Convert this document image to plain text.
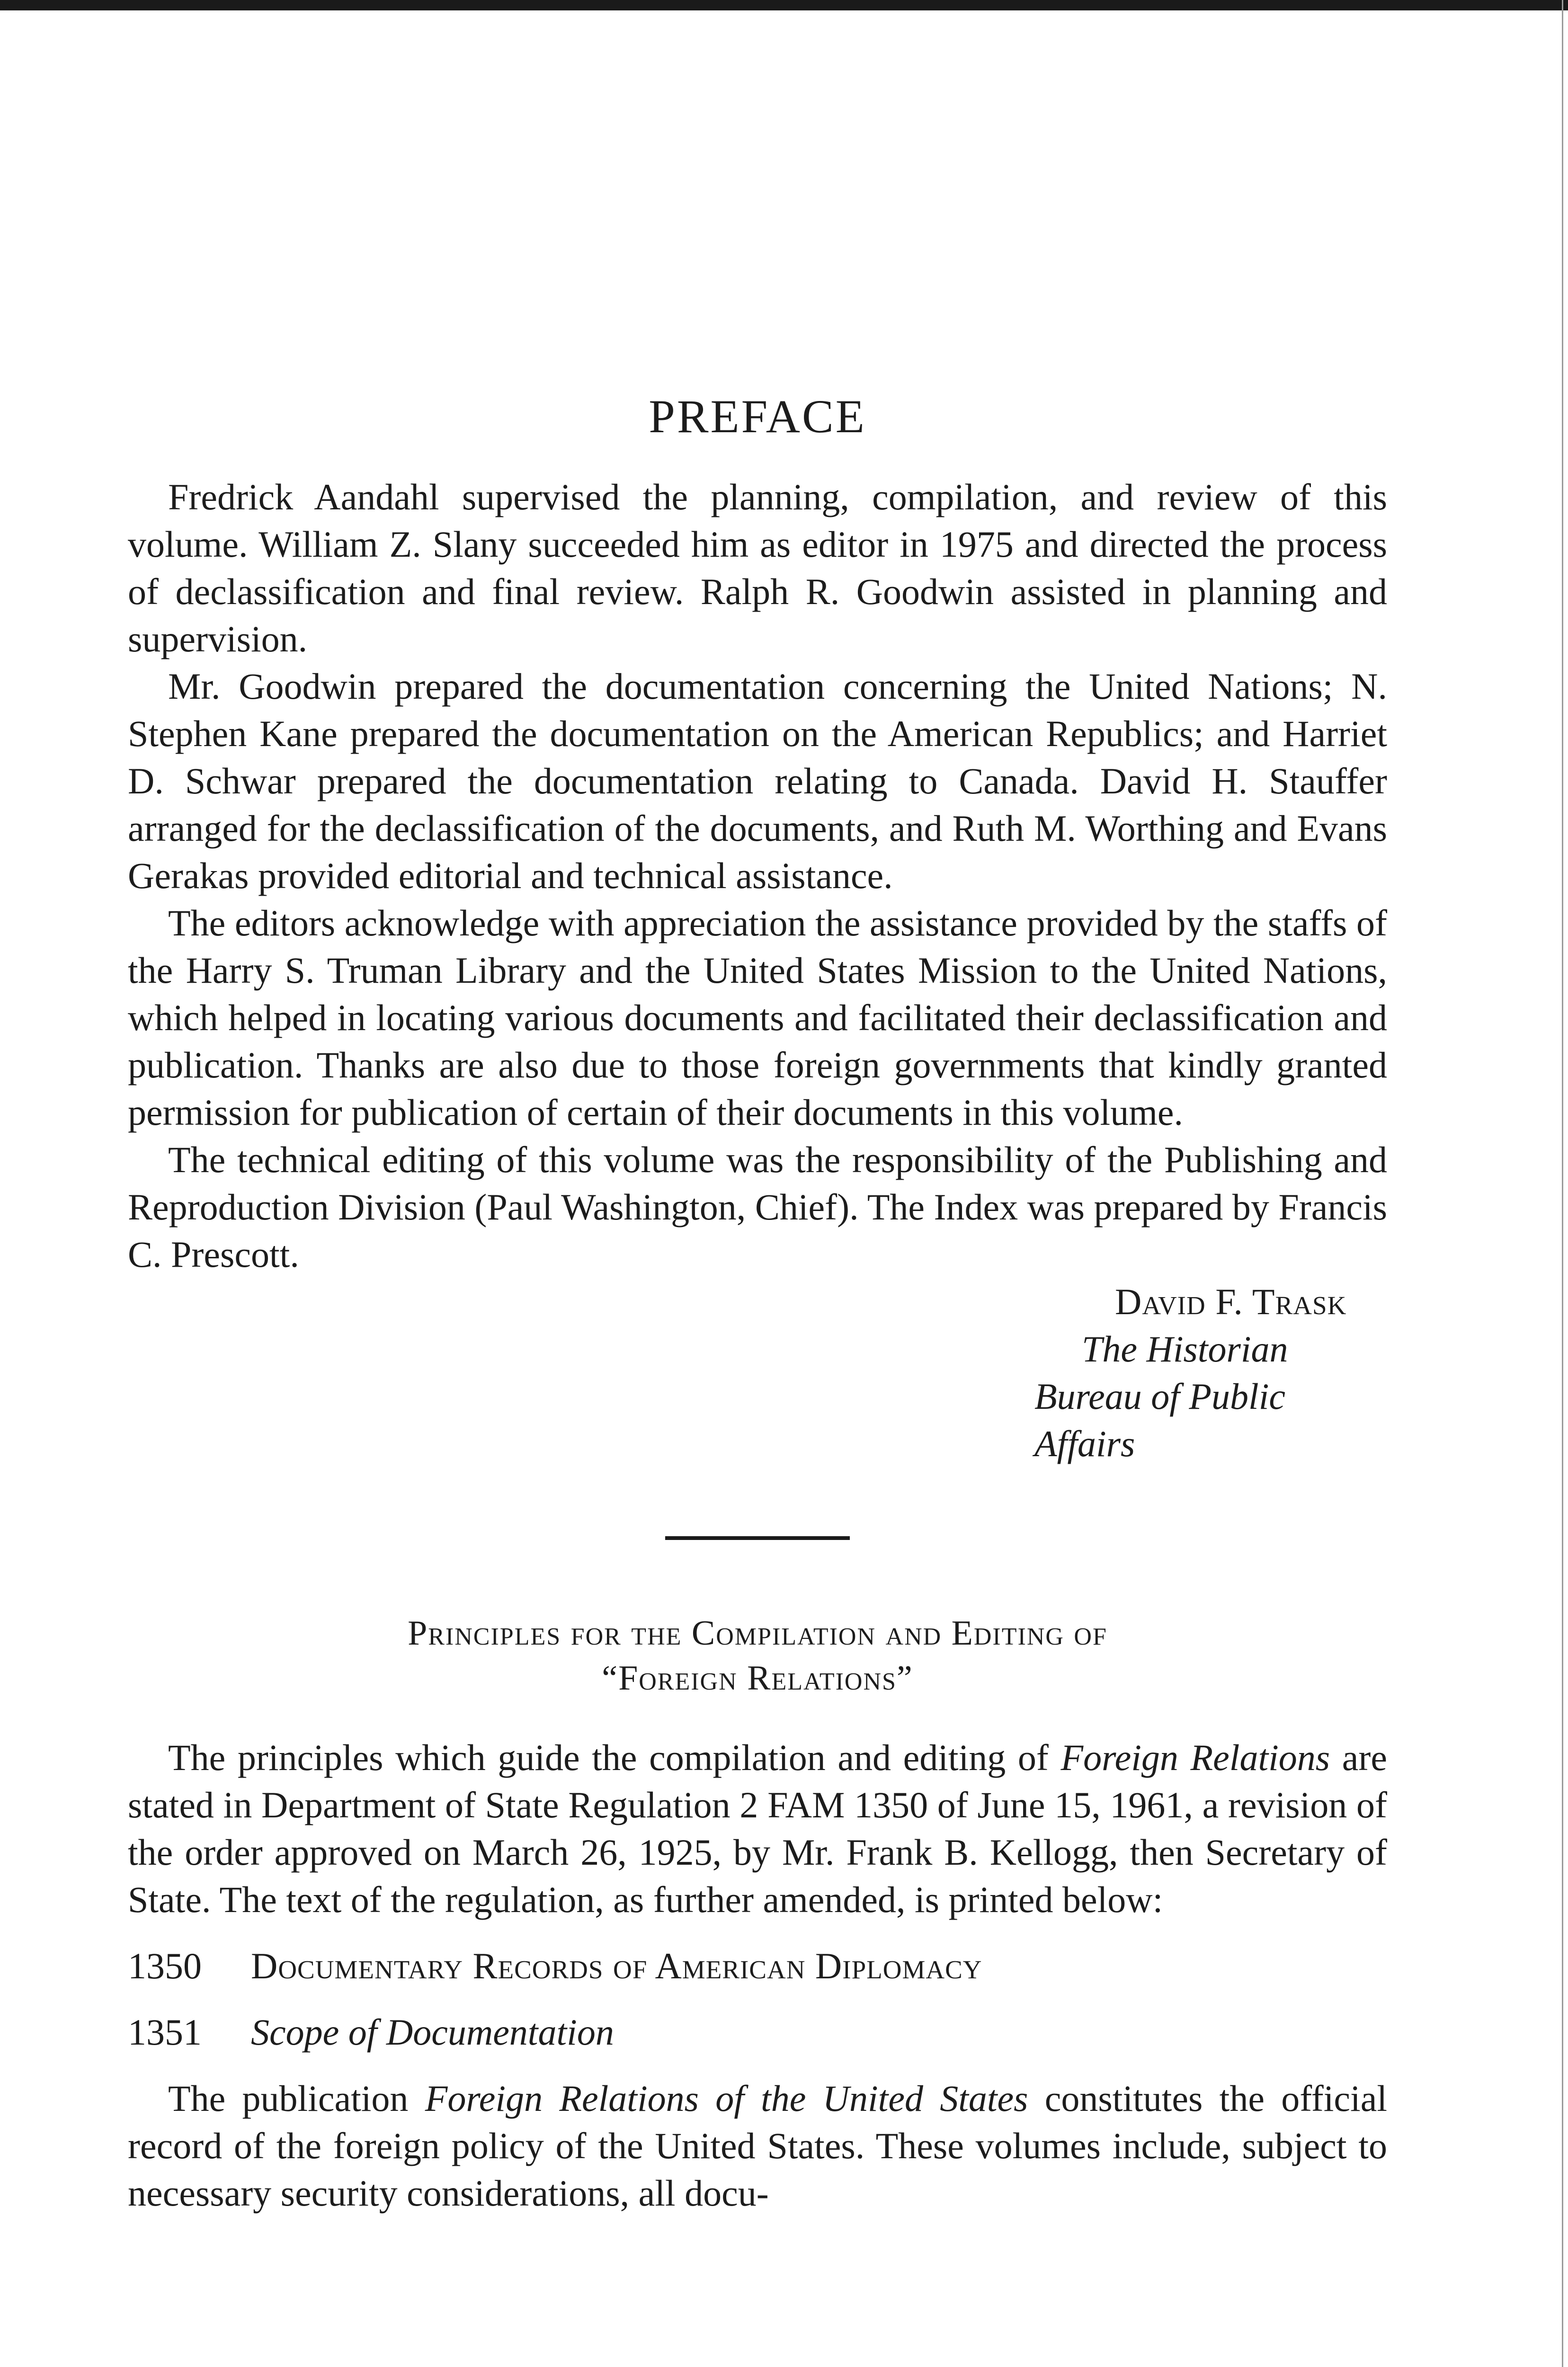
PREFACE

Fredrick Aandahl supervised the planning, compilation, and review of this volume. William Z. Slany succeeded him as editor in 1975 and directed the process of declassification and final review. Ralph R. Goodwin assisted in planning and supervision.

Mr. Goodwin prepared the documentation concerning the United Nations; N. Stephen Kane prepared the documentation on the American Republics; and Harriet D. Schwar prepared the documentation relating to Canada. David H. Stauffer arranged for the declassification of the documents, and Ruth M. Worthing and Evans Gerakas provided editorial and technical assistance.

The editors acknowledge with appreciation the assistance provided by the staffs of the Harry S. Truman Library and the United States Mission to the United Nations, which helped in locating various documents and facilitated their declassification and publication. Thanks are also due to those foreign governments that kindly granted permission for publication of certain of their documents in this volume.

The technical editing of this volume was the responsibility of the Publishing and Reproduction Division (Paul Washington, Chief). The Index was prepared by Francis C. Prescott.

David F. Trask
The Historian
Bureau of Public Affairs
Principles for the Compilation and Editing of
“Foreign Relations”

The principles which guide the compilation and editing of Foreign Relations are stated in Department of State Regulation 2 FAM 1350 of June 15, 1961, a revision of the order approved on March 26, 1925, by Mr. Frank B. Kellogg, then Secretary of State. The text of the regulation, as further amended, is printed below:

1350 Documentary Records of American Diplomacy
1351 Scope of Documentation

The publication Foreign Relations of the United States constitutes the official record of the foreign policy of the United States. These volumes include, subject to necessary security considerations, all docu-
